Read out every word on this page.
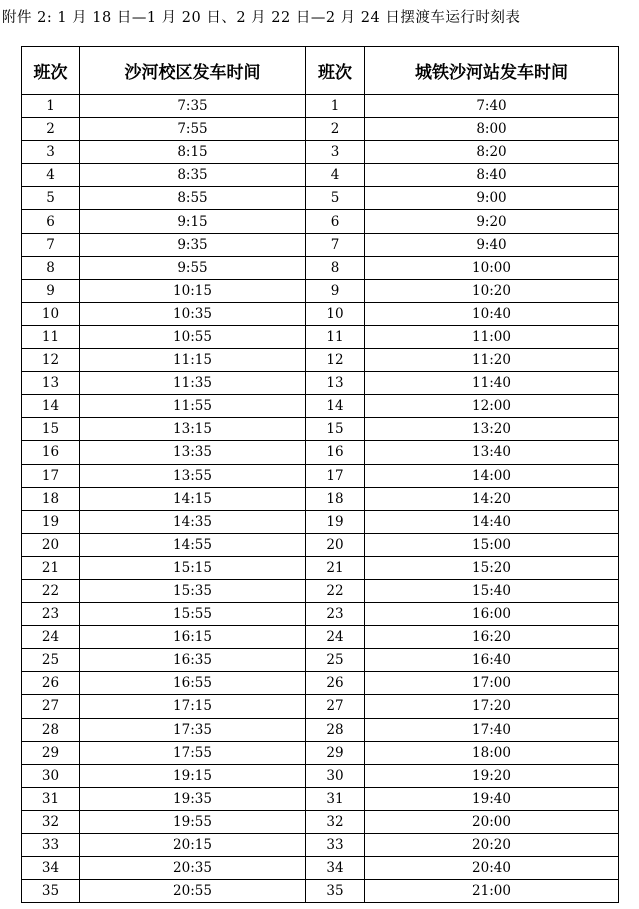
附件 2: 1 月 18 日—1 月 20 日、2 月 22 日—2 月 24 日摆渡车运行时刻表
班次	沙河校区发车时间	班次	城铁沙河站发车时间
1	7:35	1	7:40
2	7:55	2	8:00
3	8:15	3	8:20
4	8:35	4	8:40
5	8:55	5	9:00
6	9:15	6	9:20
7	9:35	7	9:40
8	9:55	8	10:00
9	10:15	9	10:20
10	10:35	10	10:40
11	10:55	11	11:00
12	11:15	12	11:20
13	11:35	13	11:40
14	11:55	14	12:00
15	13:15	15	13:20
16	13:35	16	13:40
17	13:55	17	14:00
18	14:15	18	14:20
19	14:35	19	14:40
20	14:55	20	15:00
21	15:15	21	15:20
22	15:35	22	15:40
23	15:55	23	16:00
24	16:15	24	16:20
25	16:35	25	16:40
26	16:55	26	17:00
27	17:15	27	17:20
28	17:35	28	17:40
29	17:55	29	18:00
30	19:15	30	19:20
31	19:35	31	19:40
32	19:55	32	20:00
33	20:15	33	20:20
34	20:35	34	20:40
35	20:55	35	21:00
